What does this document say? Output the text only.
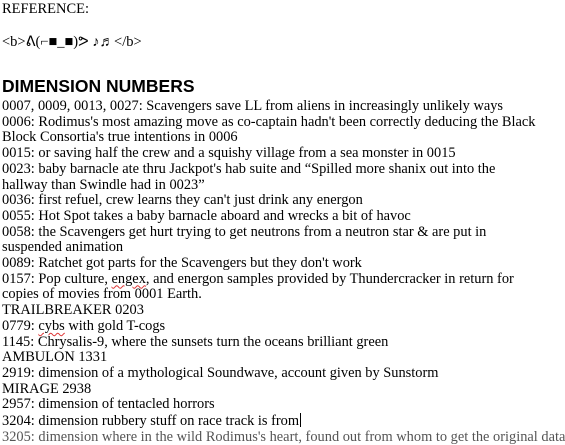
REFERENCE:

<b>ᕕ(⌐■_■)ᕗ ♪♬</b>
DIMENSION NUMBERS

0007, 0009, 0013, 0027: Scavengers save LL from aliens in increasingly unlikely ways

0006: Rodimus's most amazing move as co-captain hadn't been correctly deducing the Black Block Consortia's true intentions in 0006

0015: or saving half the crew and a squishy village from a sea monster in 0015

0023: baby barnacle ate thru Jackpot's hab suite and “Spilled more shanix out into the hallway than Swindle had in 0023”

0036: first refuel, crew learns they can't just drink any energon

0055: Hot Spot takes a baby barnacle aboard and wrecks a bit of havoc

0058: the Scavengers get hurt trying to get neutrons from a neutron star & are put in suspended animation

0089: Ratchet got parts for the Scavengers but they don't work

0157: Pop culture, engex, and energon samples provided by Thundercracker in return for copies of movies from 0001 Earth.

TRAILBREAKER 0203

0779: cybs with gold T-cogs

1145: Chrysalis-9, where the sunsets turn the oceans brilliant green

AMBULON 1331

2919: dimension of a mythological Soundwave, account given by Sunstorm

MIRAGE 2938

2957: dimension of tentacled horrors

3204: dimension rubbery stuff on race track is from

3205: dimension where in the wild Rodimus's heart, found out from whom to get the original data
